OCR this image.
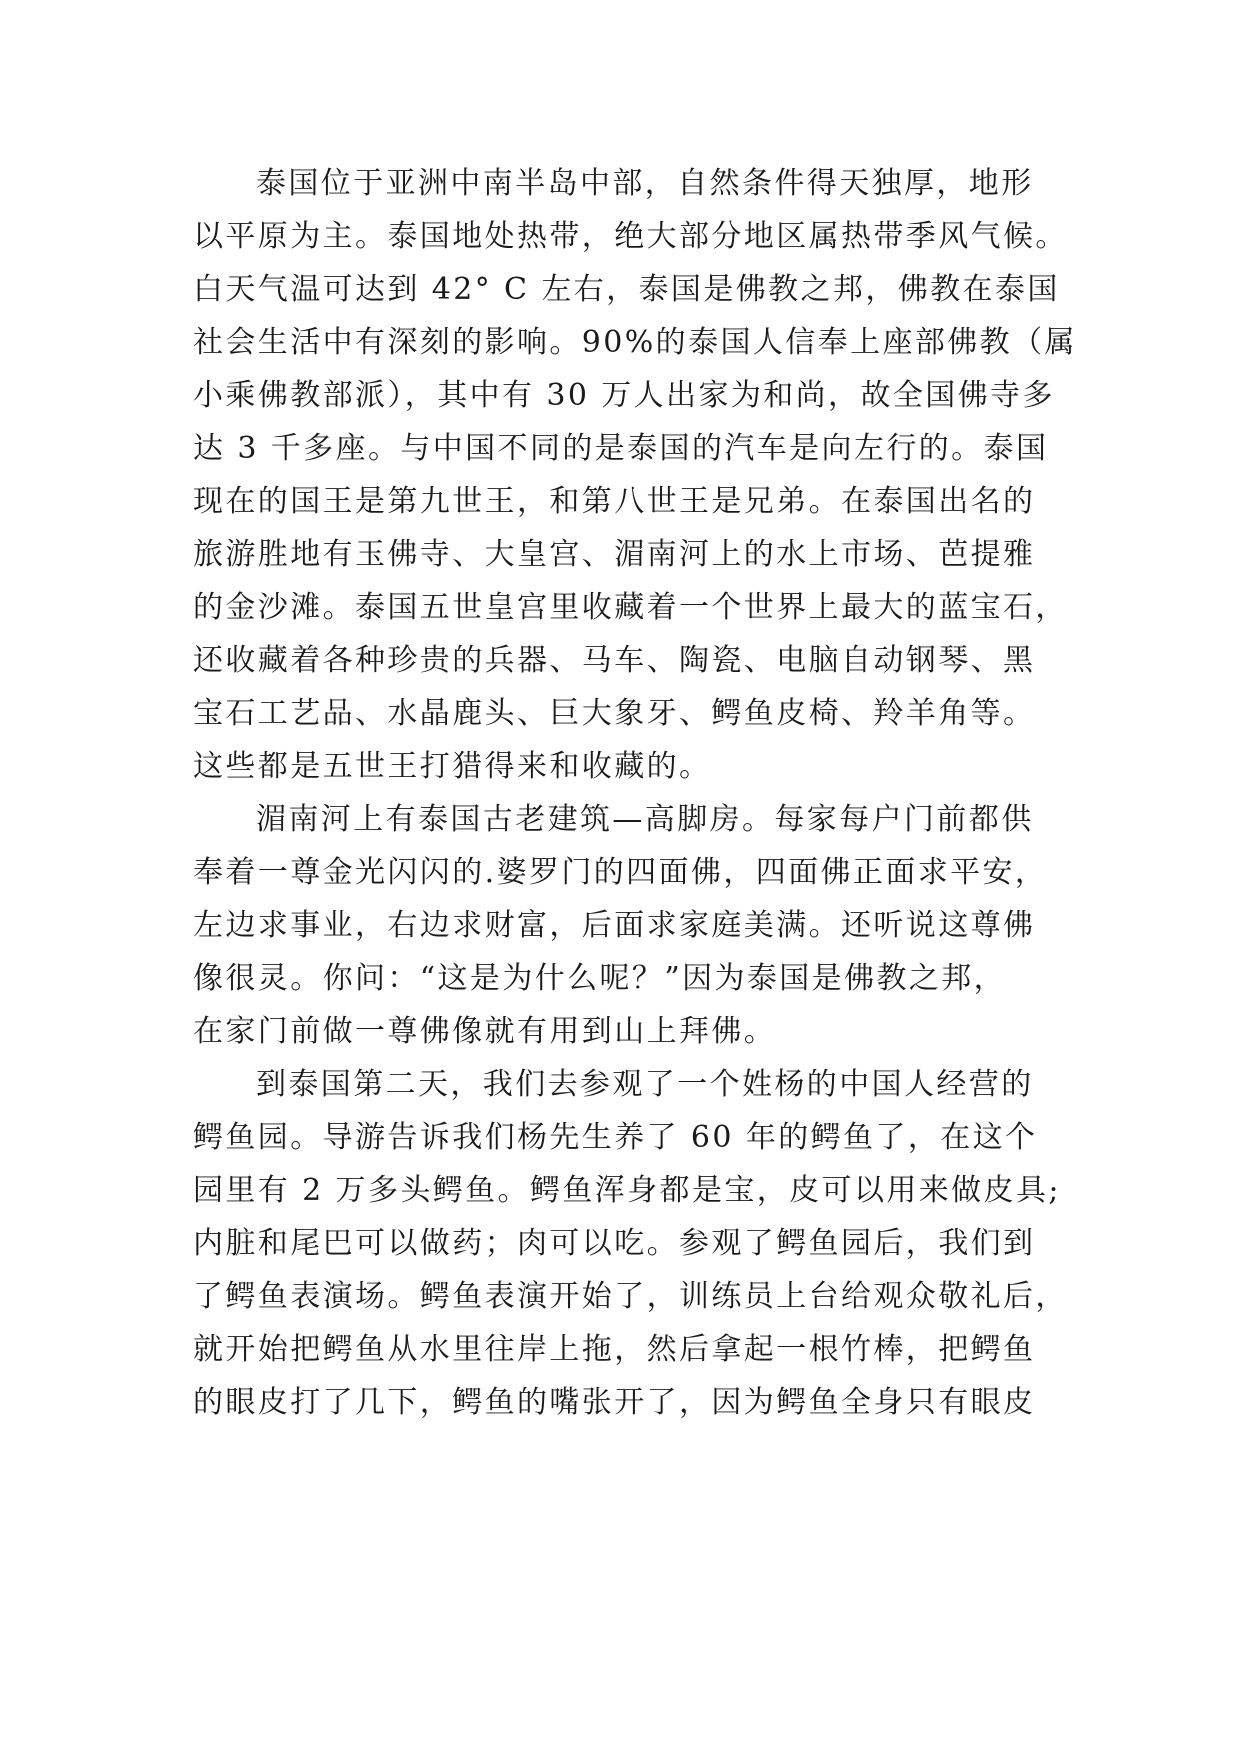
泰国位于亚洲中南半岛中部，自然条件得天独厚，地形
以平原为主。泰国地处热带，绝大部分地区属热带季风气候。
白天气温可达到 42° C 左右，泰国是佛教之邦，佛教在泰国
社会生活中有深刻的影响。90%的泰国人信奉上座部佛教（属
小乘佛教部派），其中有 30 万人出家为和尚，故全国佛寺多
达 3 千多座。与中国不同的是泰国的汽车是向左行的。泰国
现在的国王是第九世王，和第八世王是兄弟。在泰国出名的
旅游胜地有玉佛寺、大皇宫、湄南河上的水上市场、芭提雅
的金沙滩。泰国五世皇宫里收藏着一个世界上最大的蓝宝石，
还收藏着各种珍贵的兵器、马车、陶瓷、电脑自动钢琴、黑
宝石工艺品、水晶鹿头、巨大象牙、鳄鱼皮椅、羚羊角等。
这些都是五世王打猎得来和收藏的。
湄南河上有泰国古老建筑—高脚房。每家每户门前都供
奉着一尊金光闪闪的.婆罗门的四面佛，四面佛正面求平安，
左边求事业，右边求财富，后面求家庭美满。还听说这尊佛
像很灵。你问：“这是为什么呢？”因为泰国是佛教之邦，
在家门前做一尊佛像就有用到山上拜佛。
到泰国第二天，我们去参观了一个姓杨的中国人经营的
鳄鱼园。导游告诉我们杨先生养了 60 年的鳄鱼了，在这个
园里有 2 万多头鳄鱼。鳄鱼浑身都是宝，皮可以用来做皮具;
内脏和尾巴可以做药；肉可以吃。参观了鳄鱼园后，我们到
了鳄鱼表演场。鳄鱼表演开始了，训练员上台给观众敬礼后，
就开始把鳄鱼从水里往岸上拖，然后拿起一根竹棒，把鳄鱼
的眼皮打了几下，鳄鱼的嘴张开了，因为鳄鱼全身只有眼皮
